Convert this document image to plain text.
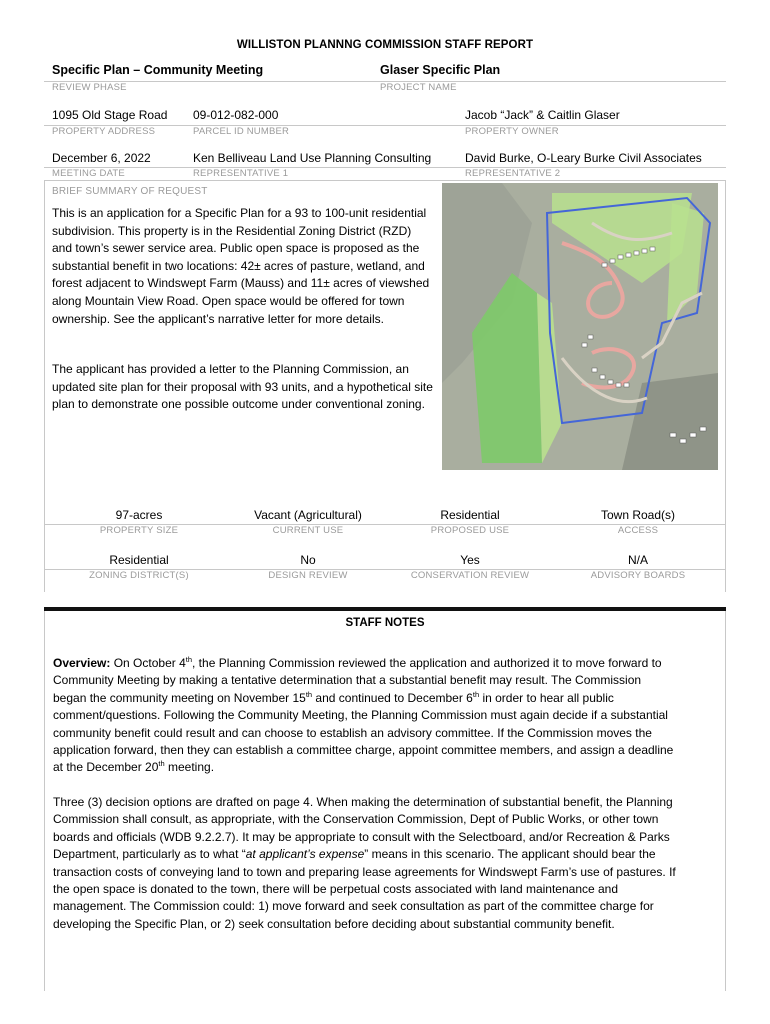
WILLISTON PLANNNG COMMISSION STAFF REPORT
Specific Plan – Community Meeting
REVIEW PHASE
Glaser Specific Plan
PROJECT NAME
1095 Old Stage Road
PROPERTY ADDRESS
09-012-082-000
PARCEL ID NUMBER
Jacob “Jack” & Caitlin Glaser
PROPERTY OWNER
December 6, 2022
MEETING DATE
Ken Belliveau Land Use Planning Consulting
REPRESENTATIVE 1
David Burke, O-Leary Burke Civil Associates
REPRESENTATIVE 2
BRIEF SUMMARY OF REQUEST
This is an application for a Specific Plan for a 93 to 100-unit residential subdivision. This property is in the Residential Zoning District (RZD) and town’s sewer service area. Public open space is proposed as the substantial benefit in two locations: 42± acres of pasture, wetland, and forest adjacent to Windswept Farm (Mauss) and 11± acres of viewshed along Mountain View Road. Open space would be offered for town ownership. See the applicant’s narrative letter for more details.
The applicant has provided a letter to the Planning Commission, an updated site plan for their proposal with 93 units, and a hypothetical site plan to demonstrate one possible outcome under conventional zoning.
97-acres
PROPERTY SIZE
Vacant (Agricultural)
CURRENT USE
Residential
PROPOSED USE
Town Road(s)
ACCESS
Residential
ZONING DISTRICT(S)
No
DESIGN REVIEW
Yes
CONSERVATION REVIEW
N/A
ADVISORY BOARDS
STAFF NOTES
Overview: On October 4th, the Planning Commission reviewed the application and authorized it to move forward to
Community Meeting by making a tentative determination that a substantial benefit may result. The Commission
began the community meeting on November 15th and continued to December 6th in order to hear all public
comment/questions. Following the Community Meeting, the Planning Commission must again decide if a substantial
community benefit could result and can choose to establish an advisory committee. If the Commission moves the
application forward, then they can establish a committee charge, appoint committee members, and assign a deadline
at the December 20th meeting.
Three (3) decision options are drafted on page 4. When making the determination of substantial benefit, the Planning
Commission shall consult, as appropriate, with the Conservation Commission, Dept of Public Works, or other town
boards and officials (WDB 9.2.2.7). It may be appropriate to consult with the Selectboard, and/or Recreation & Parks
Department, particularly as to what “at applicant’s expense” means in this scenario. The applicant should bear the
transaction costs of conveying land to town and preparing lease agreements for Windswept Farm’s use of pastures. If
the open space is donated to the town, there will be perpetual costs associated with land maintenance and
management. The Commission could: 1) move forward and seek consultation as part of the committee charge for
developing the Specific Plan, or 2) seek consultation before deciding about substantial community benefit.
